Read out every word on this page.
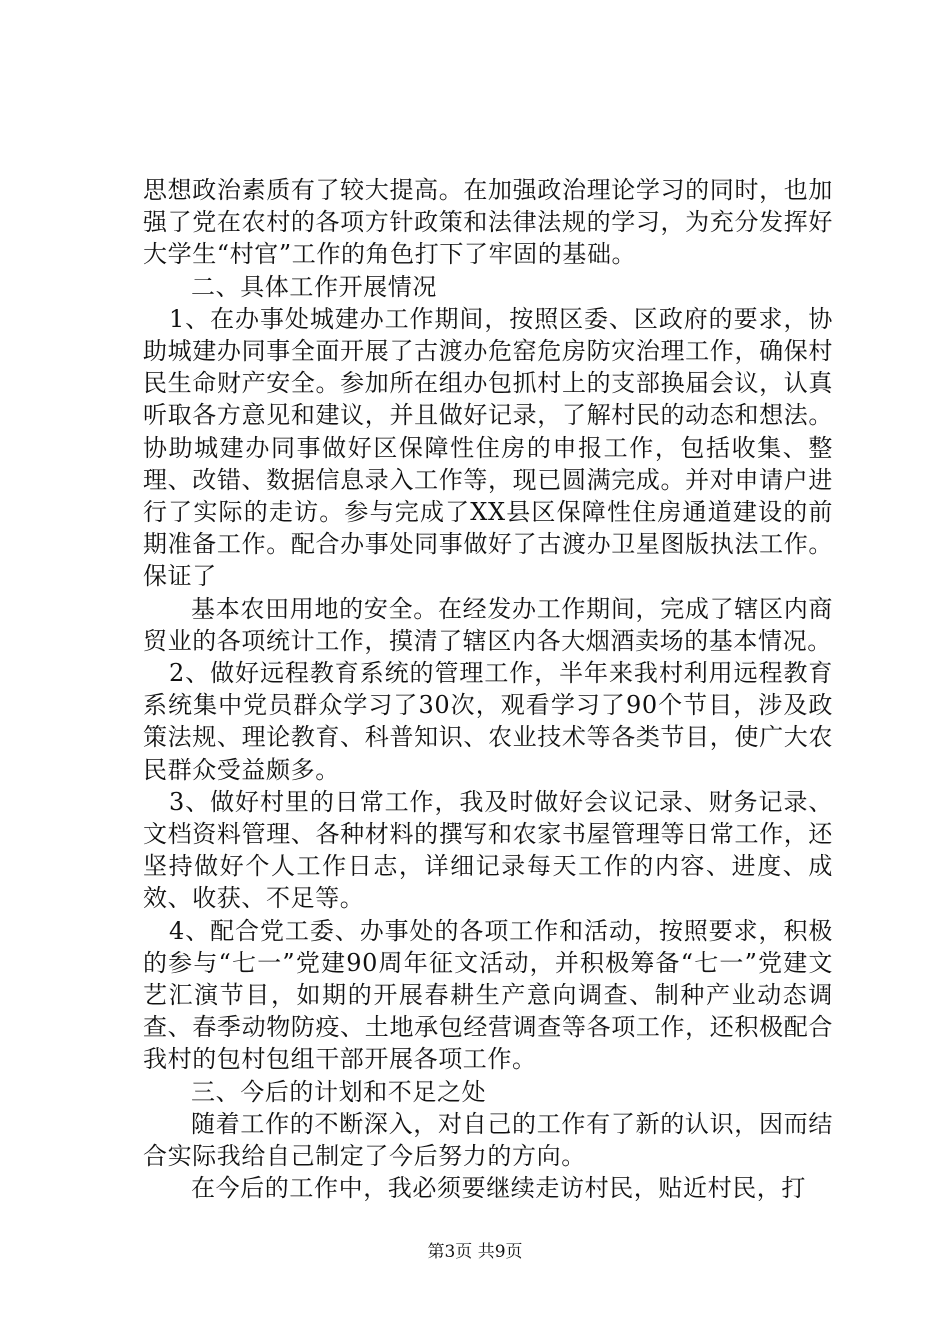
思想政治素质有了较大提高。在加强政治理论学习的同时，也加强了党在农村的各项方针政策和法律法规的学习，为充分发挥好大学生“村官”工作的角色打下了牢固的基础。

二、具体工作开展情况

1、在办事处城建办工作期间，按照区委、区政府的要求，协助城建办同事全面开展了古渡办危窑危房防灾治理工作，确保村民生命财产安全。参加所在组办包抓村上的支部换届会议，认真听取各方意见和建议，并且做好记录，了解村民的动态和想法。协助城建办同事做好区保障性住房的申报工作，包括收集、整理、改错、数据信息录入工作等，现已圆满完成。并对申请户进行了实际的走访。参与完成了XX县区保障性住房通道建设的前期准备工作。配合办事处同事做好了古渡办卫星图版执法工作。保证了

基本农田用地的安全。在经发办工作期间，完成了辖区内商贸业的各项统计工作，摸清了辖区内各大烟酒卖场的基本情况。

2、做好远程教育系统的管理工作，半年来我村利用远程教育系统集中党员群众学习了30次，观看学习了90个节目，涉及政策法规、理论教育、科普知识、农业技术等各类节目，使广大农民群众受益颇多。

3、做好村里的日常工作，我及时做好会议记录、财务记录、文档资料管理、各种材料的撰写和农家书屋管理等日常工作，还坚持做好个人工作日志，详细记录每天工作的内容、进度、成效、收获、不足等。

4、配合党工委、办事处的各项工作和活动，按照要求，积极的参与“七一”党建90周年征文活动，并积极筹备“七一”党建文艺汇演节目，如期的开展春耕生产意向调查、制种产业动态调查、春季动物防疫、土地承包经营调查等各项工作，还积极配合我村的包村包组干部开展各项工作。

三、今后的计划和不足之处

随着工作的不断深入，对自己的工作有了新的认识，因而结合实际我给自己制定了今后努力的方向。

在今后的工作中，我必须要继续走访村民，贴近村民，打

第3页 共9页
